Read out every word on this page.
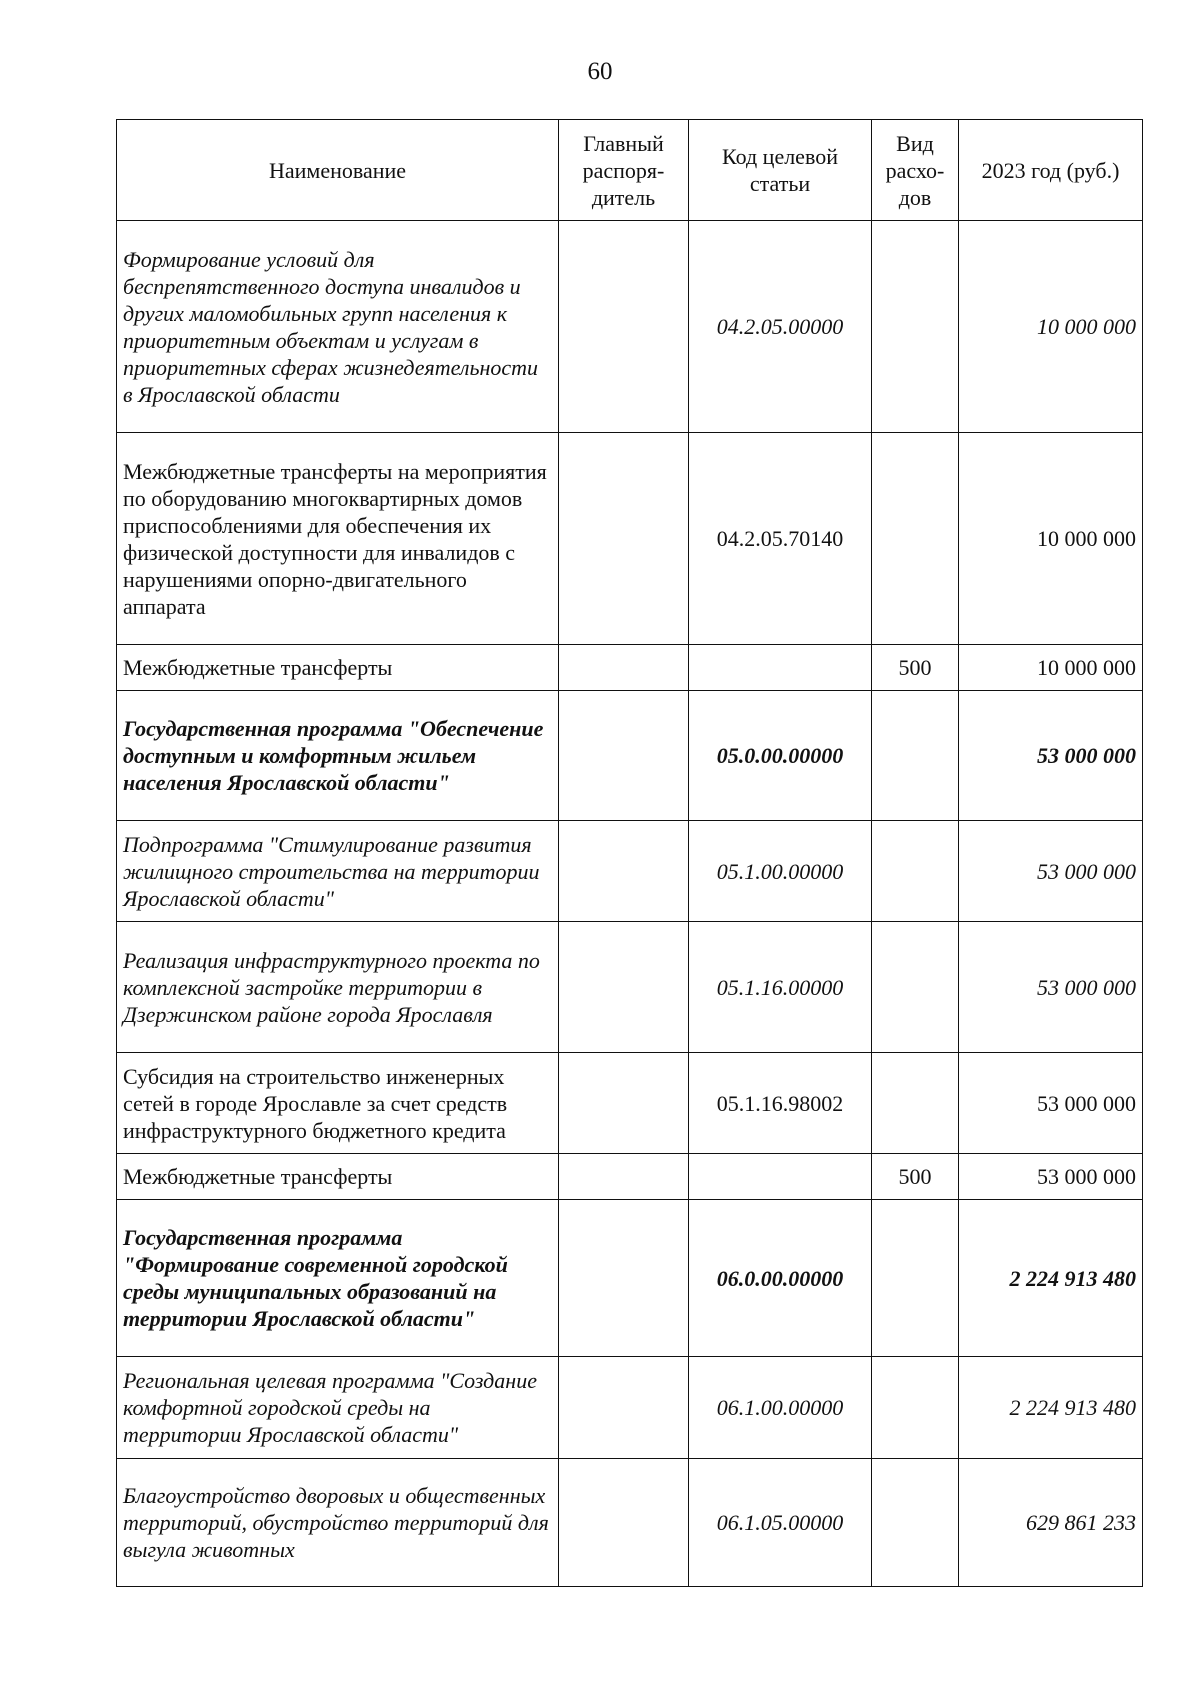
60
Наименование	Главный распоря-дитель	Код целевой статьи	Вид расхо-дов	2023 год (руб.)
Формирование условий для беспрепятственного доступа инвалидов и других маломобильных групп населения к приоритетным объектам и услугам в приоритетных сферах жизнедеятельности в Ярославской области		04.2.05.00000		10 000 000
Межбюджетные трансферты на мероприятия по оборудованию многоквартирных домов приспособлениями для обеспечения их физической доступности для инвалидов с нарушениями опорно-двигательного аппарата		04.2.05.70140		10 000 000
Межбюджетные трансферты			500	10 000 000
Государственная программа "Обеспечение доступным и комфортным жильем населения Ярославской области"		05.0.00.00000		53 000 000
Подпрограмма "Стимулирование развития жилищного строительства на территории Ярославской области"		05.1.00.00000		53 000 000
Реализация инфраструктурного проекта по комплексной застройке территории в Дзержинском районе города Ярославля		05.1.16.00000		53 000 000
Субсидия на строительство инженерных сетей в городе Ярославле за счет средств инфраструктурного бюджетного кредита		05.1.16.98002		53 000 000
Межбюджетные трансферты			500	53 000 000
Государственная программа "Формирование современной городской среды муниципальных образований на территории Ярославской области"		06.0.00.00000		2 224 913 480
Региональная целевая программа "Создание комфортной городской среды на территории Ярославской области"		06.1.00.00000		2 224 913 480
Благоустройство дворовых и общественных территорий, обустройство территорий для выгула животных		06.1.05.00000		629 861 233
